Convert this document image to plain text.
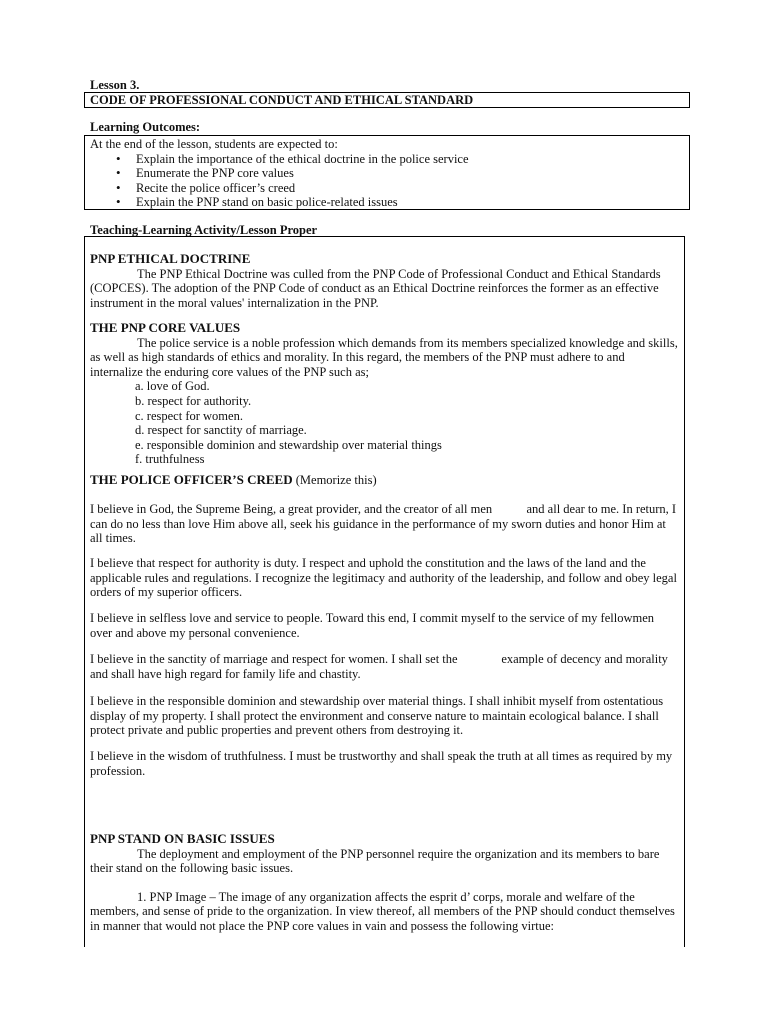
Lesson 3.
CODE OF PROFESSIONAL CONDUCT AND ETHICAL STANDARD
Learning Outcomes:

At the end of the lesson, students are expected to:

• Explain the importance of the ethical doctrine in the police service
• Enumerate the PNP core values
• Recite the police officer’s creed
• Explain the PNP stand on basic police-related issues
Teaching-Learning Activity/Lesson Proper

PNP ETHICAL DOCTRINE

The PNP Ethical Doctrine was culled from the PNP Code of Professional Conduct and Ethical Standards (COPCES). The adoption of the PNP Code of conduct as an Ethical Doctrine reinforces the former as an effective instrument in the moral values' internalization in the PNP.

THE PNP CORE VALUES

The police service is a noble profession which demands from its members specialized knowledge and skills, as well as high standards of ethics and morality. In this regard, the members of the PNP must adhere to and internalize the enduring core values of the PNP such as;

a. love of God.

b. respect for authority.

c. respect for women.

d. respect for sanctity of marriage.

e. responsible dominion and stewardship over material things

f. truthfulness

THE POLICE OFFICER’S CREED (Memorize this)

I believe in God, the Supreme Being, a great provider, and the creator of all men           and all dear to me. In return, I can do no less than love Him above all, seek his guidance in the performance of my sworn duties and honor Him at all times.

I believe that respect for authority is duty. I respect and uphold the constitution and the laws of the land and the applicable rules and regulations. I recognize the legitimacy and authority of the leadership, and follow and obey legal orders of my superior officers.

I believe in selfless love and service to people. Toward this end, I commit myself to the service of my fellowmen over and above my personal convenience.

I believe in the sanctity of marriage and respect for women. I shall set the              example of decency and morality and shall have high regard for family life and chastity.

I believe in the responsible dominion and stewardship over material things. I shall inhibit myself from ostentatious display of my property. I shall protect the environment and conserve nature to maintain ecological balance. I shall protect private and public properties and prevent others from destroying it.

I believe in the wisdom of truthfulness. I must be trustworthy and shall speak the truth at all times as required by my profession.

PNP STAND ON BASIC ISSUES

The deployment and employment of the PNP personnel require the organization and its members to bare their stand on the following basic issues.

1. PNP Image – The image of any organization affects the esprit d’ corps, morale and welfare of the members, and sense of pride to the organization. In view thereof, all members of the PNP should conduct themselves in manner that would not place the PNP core values in vain and possess the following virtue:
